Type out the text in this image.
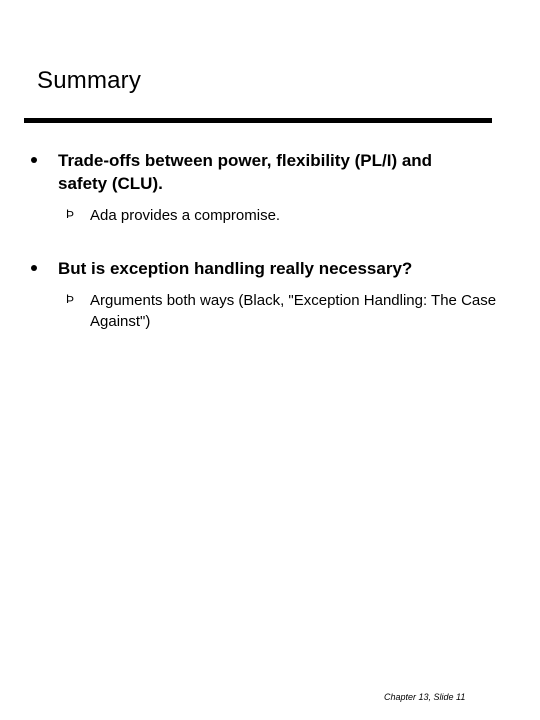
Summary
Trade-offs between power, flexibility (PL/I) and safety (CLU).
Þ Ada provides a compromise.
But is exception handling really necessary?
Þ Arguments both ways (Black, "Exception Handling: The Case Against")
Chapter 13, Slide 11
